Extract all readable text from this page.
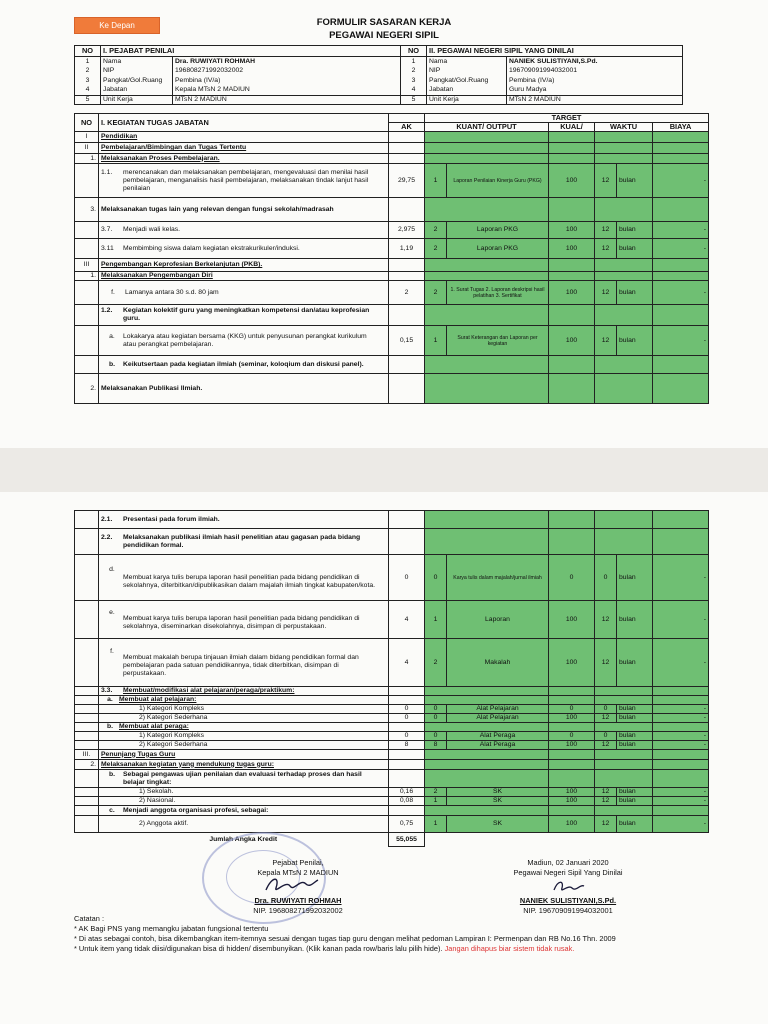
Ke Depan	FORMULIR SASARAN KERJA
PEGAWAI NEGERI SIPIL
NO	I. PEJABAT PENILAI	NO	II. PEGAWAI NEGERI SIPIL YANG DINILAI
1	Nama	Dra. RUWIYATI ROHMAH	1	Nama	NANIEK SULISTIYANI,S.Pd.
2	NIP	196808271992032002	2	NIP	196709091994032001
3	Pangkat/Gol.Ruang	Pembina (IV/a)	3	Pangkat/Gol.Ruang	Pembina (IV/a)
4	Jabatan	Kepala MTsN 2 MADIUN	4	Jabatan	Guru Madya
5	Unit Kerja	MTsN 2 MADIUN	5	Unit Kerja	MTsN 2 MADIUN
NO	I. KEGIATAN TUGAS JABATAN		TARGET					
		AK	KUANT/ OUTPUT		KUAL/	WAKTU		BIAYA
I	Pendidikan							
II	Pembelajaran/Bimbingan dan Tugas Tertentu							
1.	Melaksanakan Proses Pembelajaran.							
	1.1. merencanakan dan melaksanakan pembelajaran, mengevaluasi dan menilai hasil pembelajaran, menganalisis hasil pembelajaran, melaksanakan tindak lanjut hasil penilaian	29,75	1	Laporan Penilaian Kinerja Guru (PKG)	100	12	bulan	-
3.	Melaksanakan tugas lain yang relevan dengan fungsi sekolah/madrasah							
	3.7. Menjadi wali kelas.	2,975	2	Laporan PKG	100	12	bulan	-
	3.11 Membimbing siswa dalam kegiatan ekstrakurikuler/induksi.	1,19	2	Laporan PKG	100	12	bulan	-
III	Pengembangan Keprofesian Berkelanjutan (PKB).							
1.	Melaksanakan Pengembangan Diri							
	f. Lamanya antara 30 s.d. 80 jam	2	2	1. Surat Tugas 2. Laporan deskripsi hasil pelatihan 3. Sertifikat	100	12	bulan	-
	1.2. Kegiatan kolektif guru yang meningkatkan kompetensi dan/atau keprofesian guru.							
	a. Lokakarya atau kegiatan bersama (KKG) untuk penyusunan perangkat kurikulum atau perangkat pembelajaran.	0,15	1	Surat Keterangan dan Laporan per kegiatan	100	12	bulan	-
	b. Keikutsertaan pada kegiatan ilmiah (seminar, koloqium dan diskusi panel).							
2.	Melaksanakan Publikasi Ilmiah.							
	2.1. Presentasi pada forum ilmiah.							
	2.2. Melaksanakan publikasi ilmiah hasil penelitian atau gagasan pada bidang pendidikan formal.							
	d.Membuat karya tulis berupa laporan hasil penelitian pada bidang pendidikan di sekolahnya, diterbitkan/dipublikasikan dalam majalah ilmiah tingkat kabupaten/kota.	0	0	Karya tulis dalam majalah/jurnal ilmiah	0	0	bulan	-
	e.Membuat karya tulis berupa laporan hasil penelitian pada bidang pendidikan di sekolahnya, diseminarkan disekolahnya, disimpan di perpustakaan.	4	1	Laporan	100	12	bulan	-
	f.Membuat makalah berupa tinjauan ilmiah dalam bidang pendidikan formal dan pembelajaran pada satuan pendidikannya, tidak diterbitkan, disimpan di perpustakaan.	4	2	Makalah	100	12	bulan	-
	3.3. Membuat/modifikasi alat pelajaran/peraga/praktikum:							
	a. Membuat alat pelajaran:							
	1) Kategori Kompleks	0	0	Alat Pelajaran	0	0	bulan	-
	2) Kategori Sederhana	0	0	Alat Pelajaran	100	12	bulan	-
	b. Membuat alat peraga:							
	1) Kategori Kompleks	0	0	Alat Peraga	0	0	bulan	-
	2) Kategori Sederhana	8	8	Alat Peraga	100	12	bulan	-
III.	Penunjang Tugas Guru							
2.	Melaksanakan kegiatan yang mendukung tugas guru:							
	b. Sebagai pengawas ujian penilaian dan evaluasi terhadap proses dan hasil belajar tingkat:							
	1) Sekolah.	0,16	2	SK	100	12	bulan	-
	2) Nasional.	0,08	1	SK	100	12	bulan	-
	c. Menjadi anggota organisasi profesi, sebagai:							
	2) Anggota aktif.	0,75	1	SK	100	12	bulan	-
	Jumlah Angka Kredit	55,055						
Pejabat Penilai,
Kepala MTsN 2 MADIUN
Dra. RUWIYATI ROHMAH
NIP. 196808271992032002
Madiun, 02 Januari 2020
Pegawai Negeri Sipil Yang Dinilai
NANIEK SULISTIYANI,S.Pd.
NIP. 196709091994032001
Catatan :
* AK Bagi PNS yang memangku jabatan fungsional tertentu
* Di atas sebagai contoh, bisa dikembangkan item-itemnya sesuai dengan tugas tiap guru dengan melihat pedoman Lampiran I: Permenpan dan RB No.16 Thn. 2009
* Untuk item yang tidak diisi/digunakan bisa di hidden/ disembunyikan. (Klik kanan pada row/baris lalu pilih hide). Jangan dihapus biar sistem tidak rusak.
